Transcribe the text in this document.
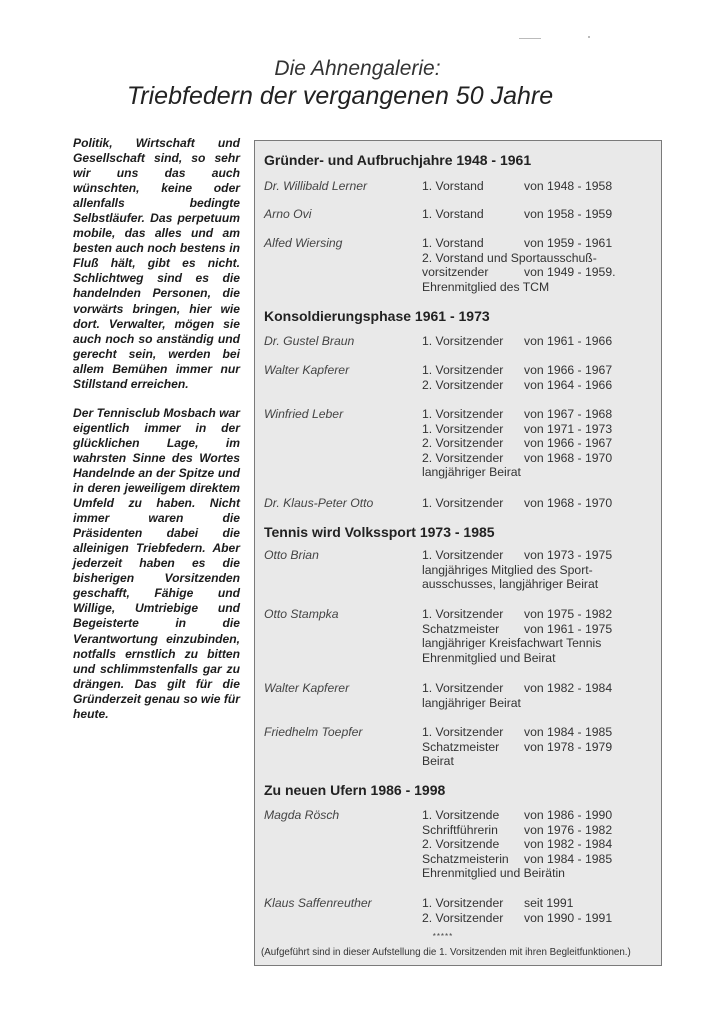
Die Ahnengalerie:
Triebfedern der vergangenen 50 Jahre

Politik, Wirtschaft und Gesellschaft sind, so sehr wir uns das auch wünschten, keine oder allenfalls bedingte Selbstläufer. Das perpetuum mobile, das alles und am besten auch noch bestens in Fluß hält, gibt es nicht. Schlichtweg sind es die handelnden Personen, die vorwärts bringen, hier wie dort. Verwalter, mögen sie auch noch so anständig und gerecht sein, werden bei allem Bemühen immer nur Stillstand erreichen.

Der Tennisclub Mosbach war eigentlich immer in der glücklichen Lage, im wahrsten Sinne des Wortes Handelnde an der Spitze und in deren jeweiligem direktem Umfeld zu haben. Nicht immer waren die Präsidenten dabei die alleinigen Triebfedern. Aber jederzeit haben es die bisherigen Vorsitzenden geschafft, Fähige und Willige, Umtriebige und Begeisterte in die Verantwortung einzubinden, notfalls ernstlich zu bitten und schlimmstenfalls gar zu drängen. Das gilt für die Gründerzeit genau so wie für heute.

Gründer- und Aufbruchjahre 1948 - 1961
Dr. Willibald Lerner	1. Vorstand	von 1948 - 1958
Arno Ovi	1. Vorstand	von 1958 - 1959
Alfed Wiersing	1. Vorstand	von 1959 - 1961
2. Vorstand und Sportausschuß-
vorsitzender	von 1949 - 1959.
Ehrenmitglied des TCM
Konsoldierungsphase 1961 - 1973
Dr. Gustel Braun	1. Vorsitzender von 1961 - 1966
Walter Kapferer	1. Vorsitzender von 1966 - 1967
2. Vorsitzender von 1964 - 1966
Winfried Leber	1. Vorsitzender von 1967 - 1968
1. Vorsitzender von 1971 - 1973
2. Vorsitzender von 1966 - 1967
2. Vorsitzender von 1968 - 1970
langjähriger Beirat
Dr. Klaus-Peter Otto	1. Vorsitzender von 1968 - 1970
Tennis wird Volkssport 1973 - 1985
Otto Brian	1. Vorsitzender von 1973 - 1975
langjähriges Mitglied des Sport-
ausschusses, langjähriger Beirat
Otto Stampka	1. Vorsitzender von 1975 - 1982
Schatzmeister von 1961 - 1975
langjähriger Kreisfachwart Tennis
Ehrenmitglied und Beirat
Walter Kapferer	1. Vorsitzender von 1982 - 1984
langjähriger Beirat
Friedhelm Toepfer	1. Vorsitzender von 1984 - 1985
Schatzmeister von 1978 - 1979
Beirat
Zu neuen Ufern 1986 - 1998
Magda Rösch	1. Vorsitzende von 1986 - 1990
Schriftführerin von 1976 - 1982
2. Vorsitzende von 1982 - 1984
Schatzmeisterin von 1984 - 1985
Ehrenmitglied und Beirätin
Klaus Saffenreuther	1. Vorsitzender seit 1991
2. Vorsitzender von 1990 - 1991
*****
(Aufgeführt sind in dieser Aufstellung die 1. Vorsitzenden mit ihren Begleitfunktionen.)
